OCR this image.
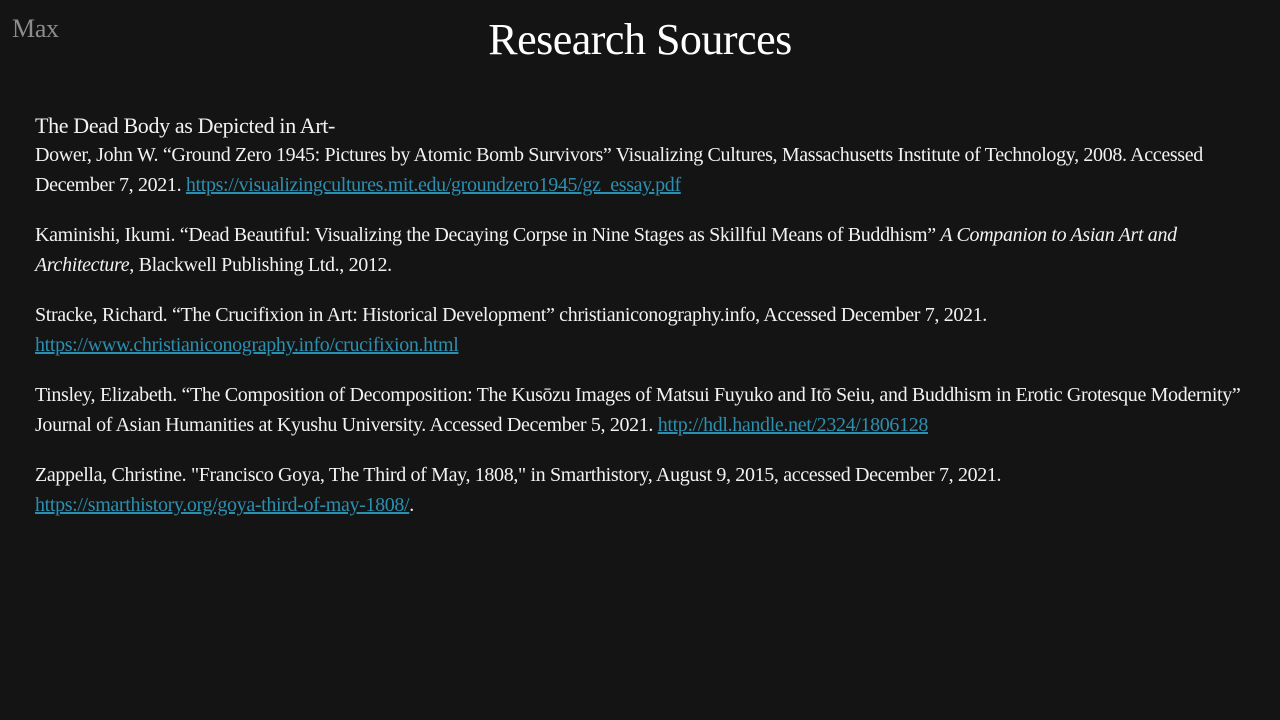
Max	Research Sources

The Dead Body as Depicted in Art-

Dower, John W. “Ground Zero 1945: Pictures by Atomic Bomb Survivors” Visualizing Cultures, Massachusetts Institute of Technology, 2008. Accessed December 7, 2021. https://visualizingcultures.mit.edu/groundzero1945/gz_essay.pdf

Kaminishi, Ikumi. “Dead Beautiful: Visualizing the Decaying Corpse in Nine Stages as Skillful Means of Buddhism” A Companion to Asian Art and Architecture, Blackwell Publishing Ltd., 2012.

Stracke, Richard. “The Crucifixion in Art: Historical Development” christianiconography.info, Accessed December 7, 2021.
https://www.christianiconography.info/crucifixion.html

Tinsley, Elizabeth. “The Composition of Decomposition: The Kusōzu Images of Matsui Fuyuko and Itō Seiu, and Buddhism in Erotic Grotesque Modernity” Journal of Asian Humanities at Kyushu University. Accessed December 5, 2021. http://hdl.handle.net/2324/1806128

Zappella, Christine. "Francisco Goya, The Third of May, 1808," in Smarthistory, August 9, 2015, accessed December 7, 2021.
https://smarthistory.org/goya-third-of-may-1808/.
